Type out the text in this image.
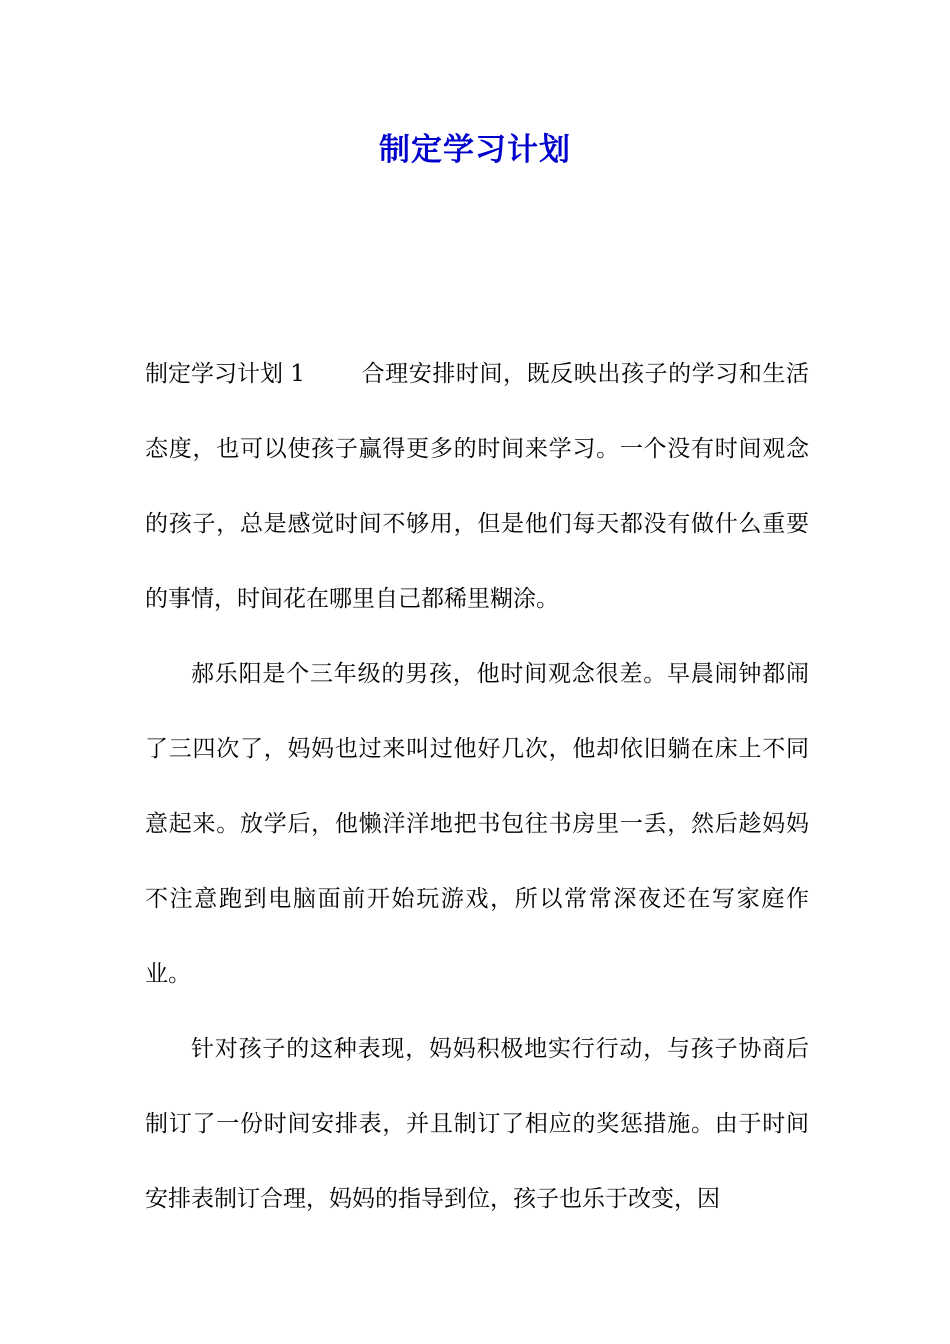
制定学习计划

制定学习计划 1 合理安排时间，既反映出孩子的学习和生活态度，也可以使孩子赢得更多的时间来学习。一个没有时间观念的孩子，总是感觉时间不够用，但是他们每天都没有做什么重要的事情，时间花在哪里自己都稀里糊涂。

郝乐阳是个三年级的男孩，他时间观念很差。早晨闹钟都闹了三四次了，妈妈也过来叫过他好几次，他却依旧躺在床上不同意起来。放学后，他懒洋洋地把书包往书房里一丢，然后趁妈妈不注意跑到电脑面前开始玩游戏，所以常常深夜还在写家庭作业。

针对孩子的这种表现，妈妈积极地实行行动，与孩子协商后制订了一份时间安排表，并且制订了相应的奖惩措施。由于时间安排表制订合理，妈妈的指导到位，孩子也乐于改变，因
